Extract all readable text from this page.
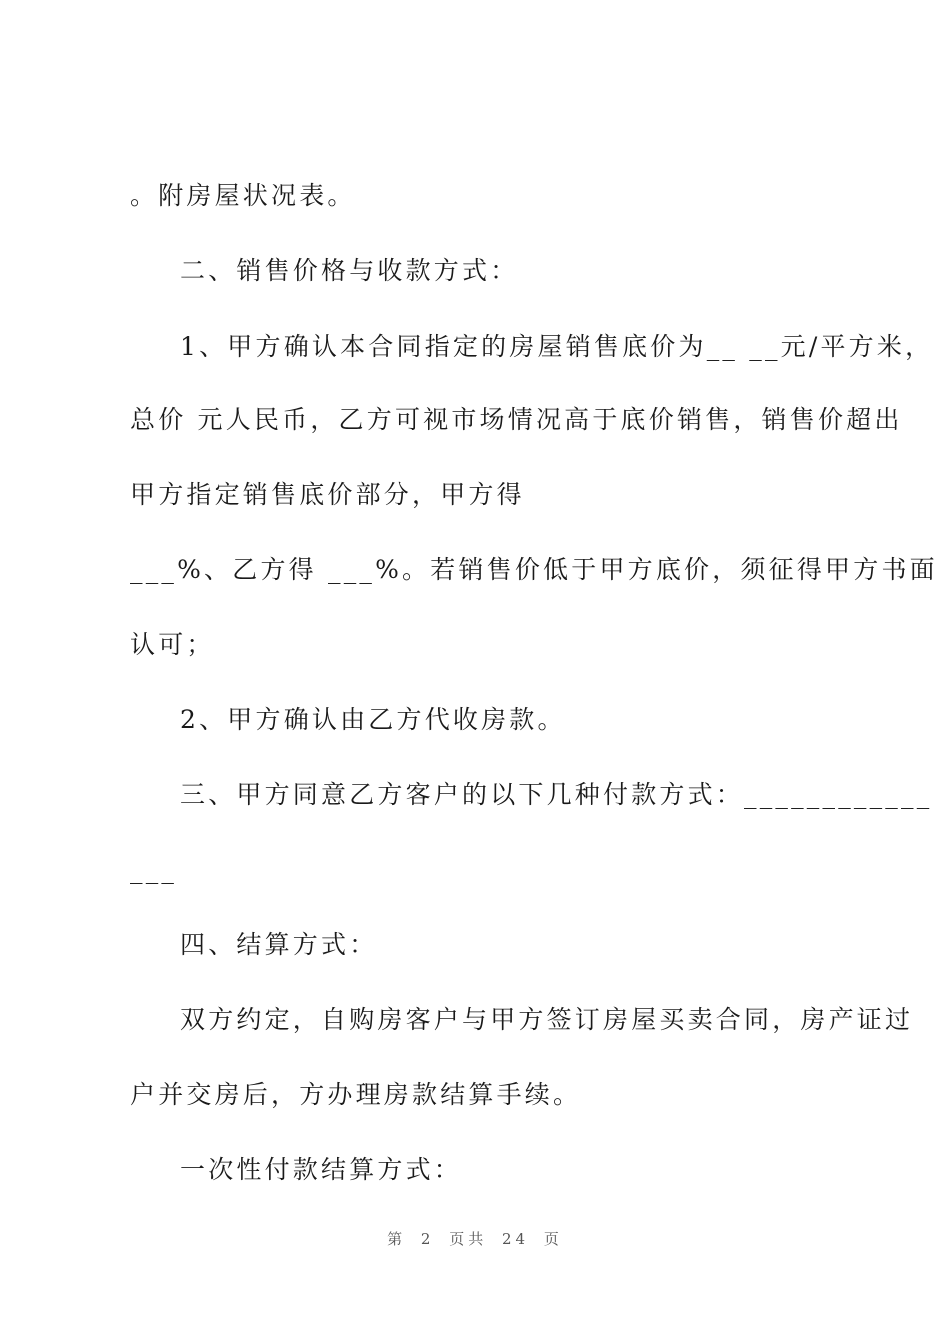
。附房屋状况表。
二、销售价格与收款方式：
1、甲方确认本合同指定的房屋销售底价为__ __元/平方米，
总价 元人民币，乙方可视市场情况高于底价销售，销售价超出
甲方指定销售底价部分，甲方得
___%、乙方得 ___%。若销售价低于甲方底价，须征得甲方书面
认可；
2、甲方确认由乙方代收房款。
三、甲方同意乙方客户的以下几种付款方式：____________
___
四、结算方式：
双方约定，自购房客户与甲方签订房屋买卖合同，房产证过
户并交房后，方办理房款结算手续。
一次性付款结算方式：
第 2 页共 24 页
